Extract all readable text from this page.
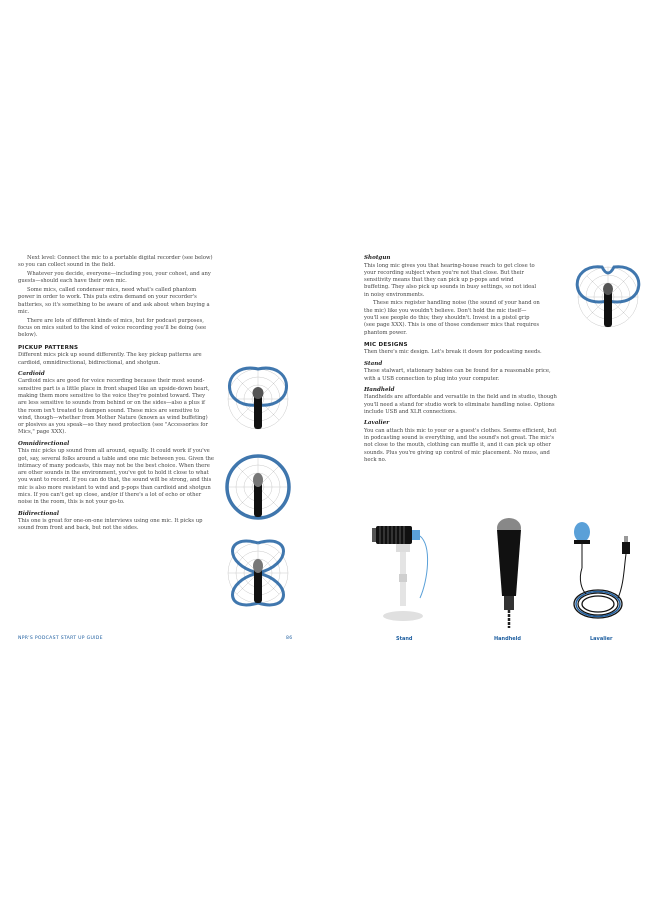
Next level: Connect the mic to a portable digital recorder (see below) so you can collect sound in the field.

Whatever you decide, everyone—including you, your cohost, and any guests—should each have their own mic.

Some mics, called condenser mics, need what's called phantom power in order to work. This puts extra demand on your recorder's batteries, so it's something to be aware of and ask about when buying a mic.

There are lots of different kinds of mics, but for podcast purposes, focus on mics suited to the kind of voice recording you'll be doing (see below).

PICKUP PATTERNS

Different mics pick up sound differently. The key pickup patterns are cardioid, omnidirectional, bidirectional, and shotgun.

Cardioid

Cardioid mics are good for voice recording because their most sound-sensitive part is a little place in front shaped like an upside-down heart, making them more sensitive to the voice they're pointed toward. They are less sensitive to sounds from behind or on the sides—also a plus if the room isn't treated to dampen sound. These mics are sensitive to wind, though—whether from Mother Nature (known as wind buffeting) or plosives as you speak—so they need protection (see "Accessories for Mics," page XXX).

Omnidirectional

This mic picks up sound from all around, equally. It could work if you've got, say, several folks around a table and one mic between you. Given the intimacy of many podcasts, this may not be the best choice. When there are other sounds in the environment, you've got to hold it close to what you want to record. If you can do that, the sound will be strong, and this mic is also more resistant to wind and p-pops than cardioid and shotgun mics. If you can't get up close, and/or if there's a lot of echo or other noise in the room, this is not your go-to.

Bidirectional

This one is great for one-on-one interviews using one mic. It picks up sound from front and back, but not the sides.

NPR'S PODCAST START UP GUIDE	86
Shotgun

This long mic gives you that hearing-house reach to get close to your recording subject when you're not that close. But their sensitivity means that they can pick up p-pops and wind buffeting. They also pick up sounds in busy settings, so not ideal in noisy environments.

These mics register handling noise (the sound of your hand on the mic) like you wouldn't believe. Don't hold the mic itself—you'll see people do this; they shouldn't. Invest in a pistol grip (see page XXX). This is one of those condenser mics that requires phantom power.

MIC DESIGNS

Then there's mic design. Let's break it down for podcasting needs.

Stand

These stalwart, stationary babies can be found for a reasonable price, with a USB connection to plug into your computer.

Handheld

Handhelds are affordable and versatile in the field and in studio, though you'll need a stand for studio work to eliminate handling noise. Options include USB and XLR connections.

Lavalier

You can attach this mic to your or a guest's clothes. Seems efficient, but in podcasting sound is everything, and the sound's not great. The mic's not close to the mouth, clothing can muffle it, and it can pick up other sounds. Plus you're giving up control of mic placement. No muss, and heck no.

Stand	Handheld	Lavalier
